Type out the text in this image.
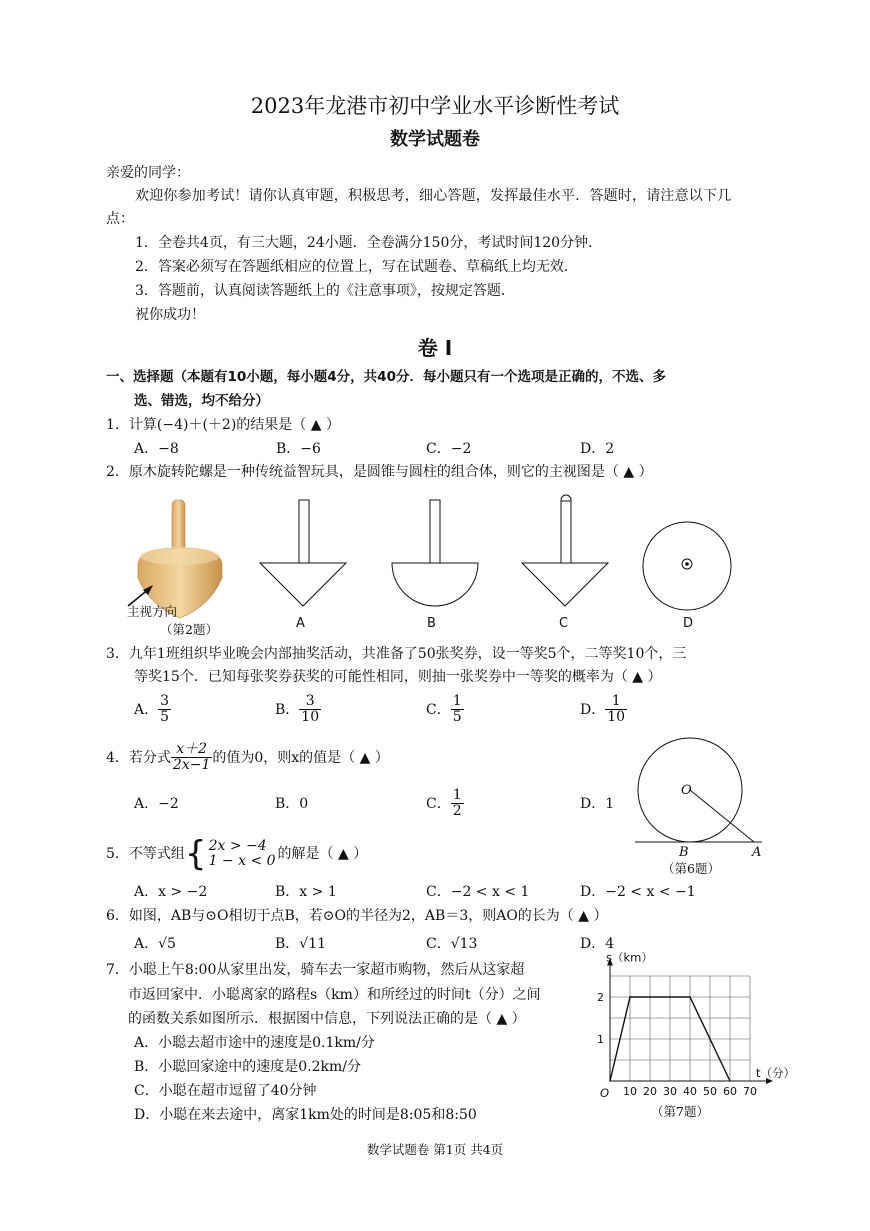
2023年龙港市初中学业水平诊断性考试
数学试题卷
亲爱的同学：
欢迎你参加考试！请你认真审题，积极思考，细心答题，发挥最佳水平．答题时，请注意以下几
点：
1．全卷共4页，有三大题，24小题．全卷满分150分，考试时间120分钟．
2．答案必须写在答题纸相应的位置上，写在试题卷、草稿纸上均无效．
3．答题前，认真阅读答题纸上的《注意事项》，按规定答题．
祝你成功！
卷 Ⅰ
一、选择题（本题有10小题，每小题4分，共40分．每小题只有一个选项是正确的，不选、多
选、错选，均不给分）
1．计算(−4)＋(＋2)的结果是（ ▲ ）
A．−8	B．−6	C．−2	D．2
2．原木旋转陀螺是一种传统益智玩具，是圆锥与圆柱的组合体，则它的主视图是（ ▲ ）
主视方向
（第2题）	A	B	C	D
3．九年1班组织毕业晚会内部抽奖活动，共准备了50张奖券，设一等奖5个，二等奖10个，三
等奖15个．已知每张奖券获奖的可能性相同，则抽一张奖券中一等奖的概率为（ ▲ ）
A． $\frac{3}{5}$	B． $\frac{3}{10}$	C． $\frac{1}{5}$	D． $\frac{1}{10}$
4．若分式 $\frac{x+2}{2x-1}$ 的值为0，则x的值是（ ▲ ）
A．−2	B．0	C． $\frac{1}{2}$	D．1
O
B	A
（第6题）
5．不等式组{ 2x > −4
1 − x < 0 的解是（ ▲ ）
A．x > −2	B．x > 1	C．−2 < x < 1	D．−2 < x < −1
6．如图，AB与⊙O相切于点B，若⊙O的半径为2，AB＝3，则AO的长为（ ▲ ）
A．√5	B．√11	C．√13	D．4
7．小聪上午8:00从家里出发，骑车去一家超市购物，然后从这家超
市返回家中．小聪离家的路程s（km）和所经过的时间t（分）之间
的函数关系如图所示．根据图中信息，下列说法正确的是（ ▲ ）
A．小聪去超市途中的速度是0.1km/分
B．小聪回家途中的速度是0.2km/分
C．小聪在超市逗留了40分钟
D．小聪在来去途中，离家1km处的时间是8:05和8:50
10 20 30 40 50 60 70
1
2
O
t（分）
s（km）
（第7题）
数学试题卷 第1页 共4页
